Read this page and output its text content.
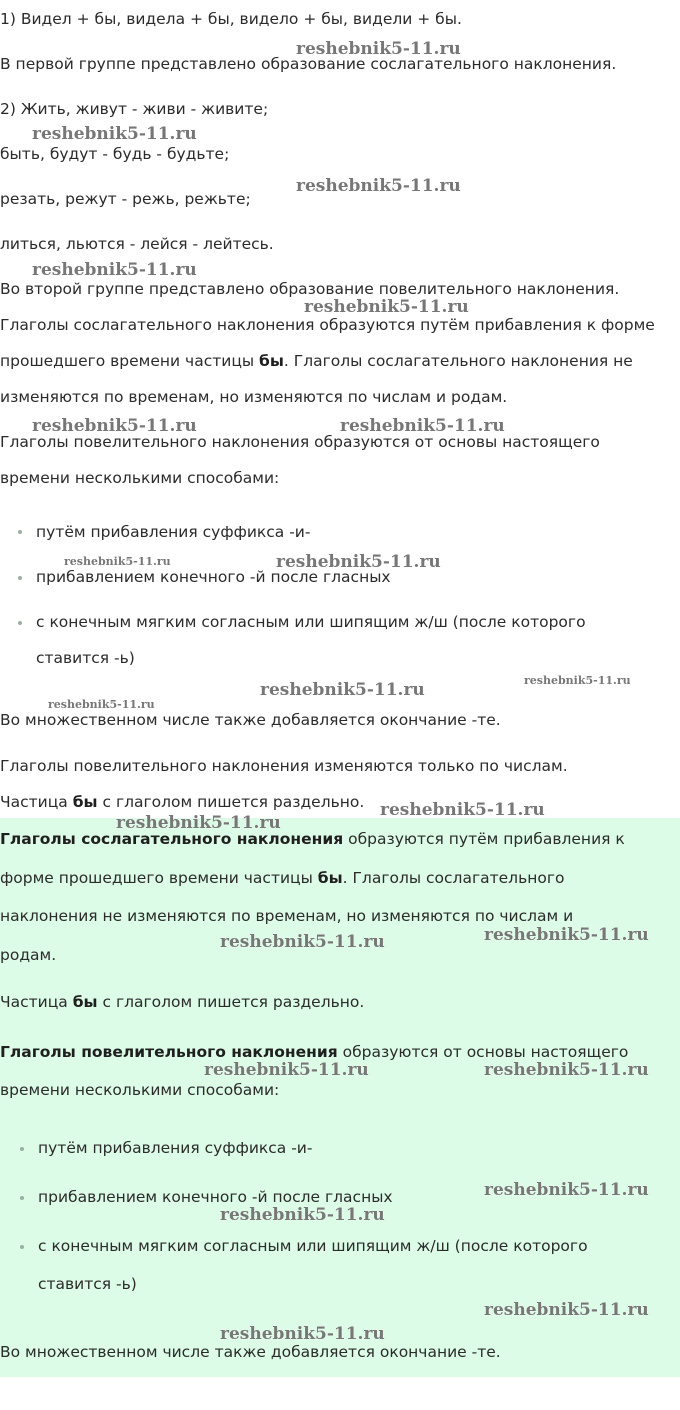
1) Видел + бы, видела + бы, видело + бы, видели + бы.

В первой группе представлено образование сослагательного наклонения.

2) Жить, живут - живи - живите;

быть, будут - будь - будьте;

резать, режут - режь, режьте;

литься, льются - лейся - лейтесь.

Во второй группе представлено образование повелительного наклонения.

Глаголы сослагательного наклонения образуются путём прибавления к форме

прошедшего времени частицы бы. Глаголы сослагательного наклонения не

изменяются по временам, но изменяются по числам и родам.

Глаголы повелительного наклонения образуются от основы настоящего

времени несколькими способами:

путём прибавления суффикса -и-

прибавлением конечного -й после гласных

с конечным мягким согласным или шипящим ж/ш (после которого

ставится -ь)

Во множественном числе также добавляется окончание -те.

Глаголы повелительного наклонения изменяются только по числам.

Частица бы с глаголом пишется раздельно.

Глаголы сослагательного наклонения образуются путём прибавления к

форме прошедшего времени частицы бы. Глаголы сослагательного

наклонения не изменяются по временам, но изменяются по числам и

родам.

Частица бы с глаголом пишется раздельно.

Глаголы повелительного наклонения образуются от основы настоящего

времени несколькими способами:

путём прибавления суффикса -и-

прибавлением конечного -й после гласных

с конечным мягким согласным или шипящим ж/ш (после которого

ставится -ь)

Во множественном числе также добавляется окончание -те.

reshebnik5-11.ru
reshebnik5-11.ru
reshebnik5-11.ru
reshebnik5-11.ru
reshebnik5-11.ru
reshebnik5-11.ru	reshebnik5-11.ru
reshebnik5-11.ru	reshebnik5-11.ru
reshebnik5-11.ru
reshebnik5-11.ru
reshebnik5-11.ru
reshebnik5-11.ru
reshebnik5-11.ru
reshebnik5-11.ru
reshebnik5-11.ru
reshebnik5-11.ru	reshebnik5-11.ru
reshebnik5-11.ru
reshebnik5-11.ru
reshebnik5-11.ru
reshebnik5-11.ru
